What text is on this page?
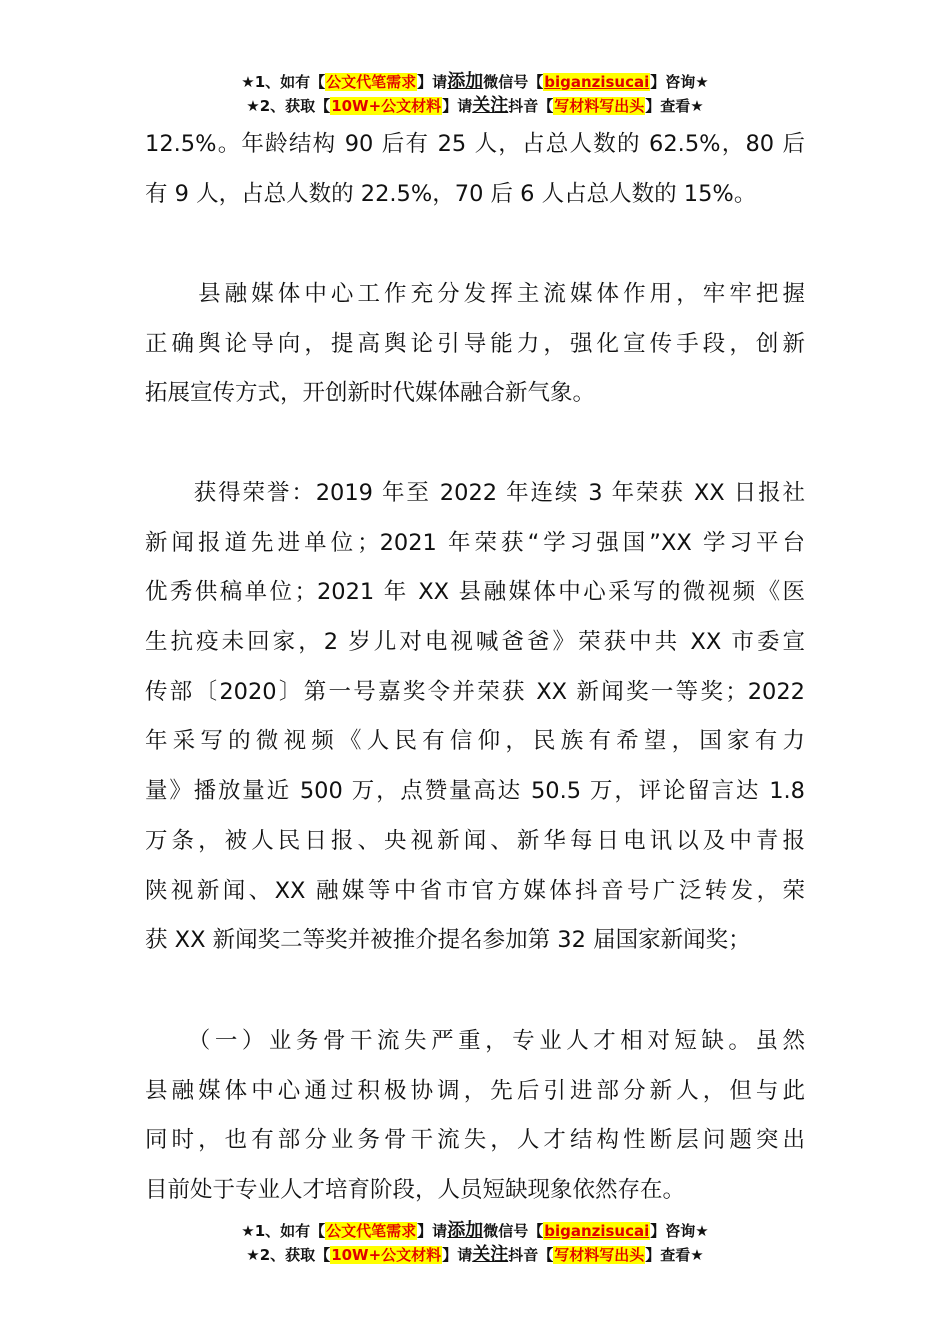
★1、如有【公文代笔需求】请添加微信号【biganzisucai】咨询★
★2、获取【10W+公文材料】请关注抖音【写材料写出头】查看★
12.5%。年龄结构 90 后有 25 人，占总人数的 62.5%，80 后
有 9 人，占总人数的 22.5%，70 后 6 人占总人数的 15%。
　　县融媒体中心工作充分发挥主流媒体作用，牢牢把握
正确舆论导向，提高舆论引导能力，强化宣传手段，创新
拓展宣传方式，开创新时代媒体融合新气象。
　　获得荣誉：2019 年至 2022 年连续 3 年荣获 XX 日报社
新闻报道先进单位；2021 年荣获“学习强国”XX 学习平台
优秀供稿单位；2021 年 XX 县融媒体中心采写的微视频《医
生抗疫未回家，2 岁儿对电视喊爸爸》荣获中共 XX 市委宣
传部〔2020〕第一号嘉奖令并荣获 XX 新闻奖一等奖；2022
年采写的微视频《人民有信仰，民族有希望，国家有力
量》播放量近 500 万，点赞量高达 50.5 万，评论留言达 1.8
万条，被人民日报、央视新闻、新华每日电讯以及中青报
陕视新闻、XX 融媒等中省市官方媒体抖音号广泛转发，荣
获 XX 新闻奖二等奖并被推介提名参加第 32 届国家新闻奖；
　　（一）业务骨干流失严重，专业人才相对短缺。虽然
县融媒体中心通过积极协调，先后引进部分新人，但与此
同时，也有部分业务骨干流失，人才结构性断层问题突出
目前处于专业人才培育阶段，人员短缺现象依然存在。
★1、如有【公文代笔需求】请添加微信号【biganzisucai】咨询★
★2、获取【10W+公文材料】请关注抖音【写材料写出头】查看★
